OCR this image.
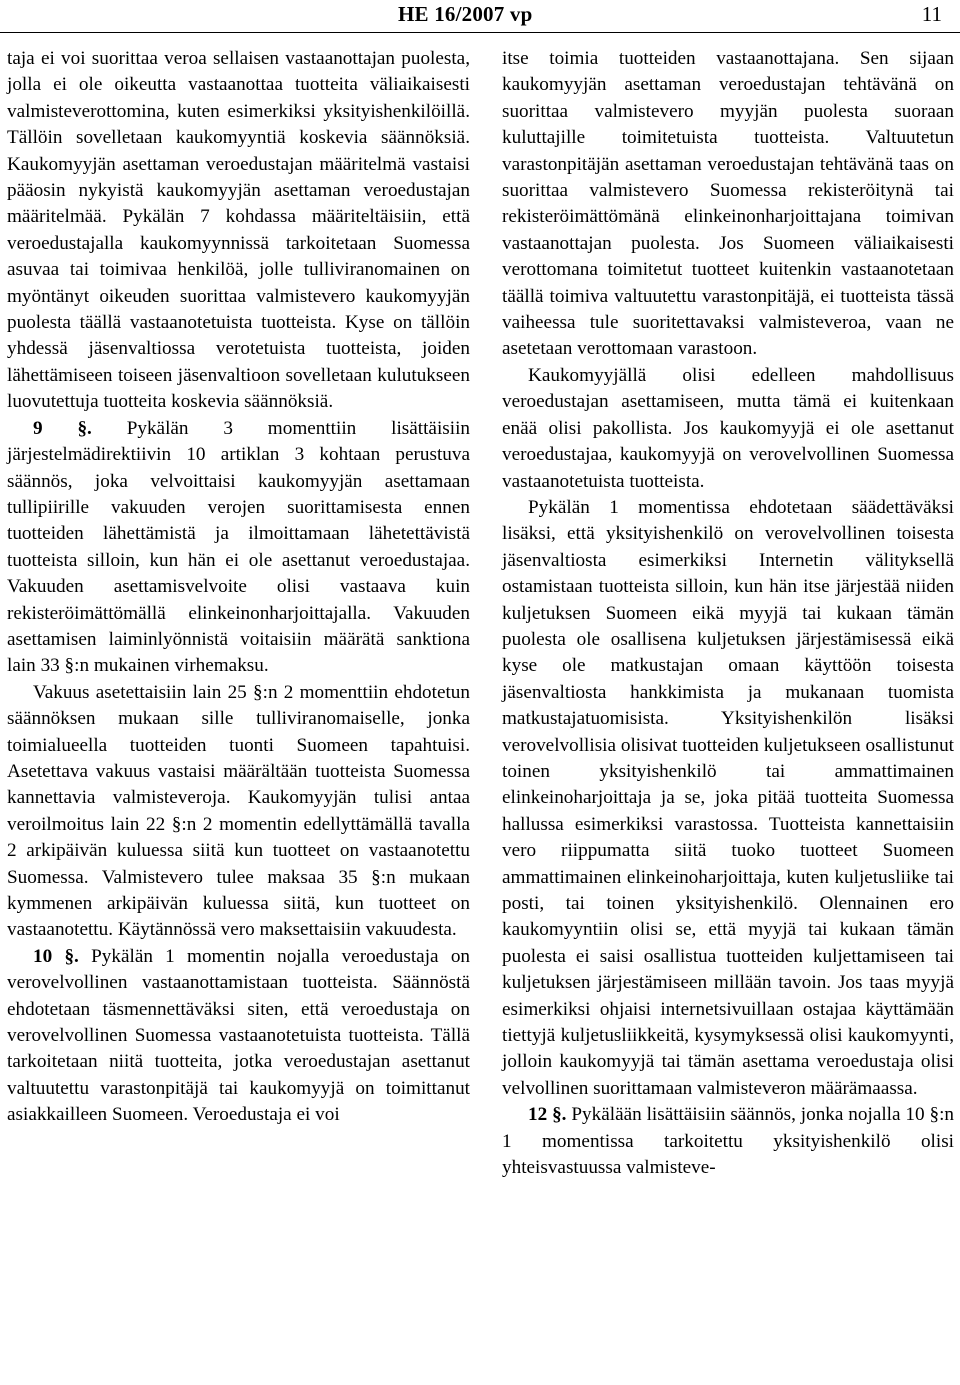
HE 16/2007 vp	11

taja ei voi suorittaa veroa sellaisen vastaanottajan puolesta, jolla ei ole oikeutta vastaanottaa tuotteita väliaikaisesti valmisteverottomina, kuten esimerkiksi yksityishenkilöillä. Tällöin sovelletaan kaukomyyntiä koskevia säännöksiä. Kaukomyyjän asettaman veroedustajan määritelmä vastaisi pääosin nykyistä kaukomyyjän asettaman veroedustajan määritelmää. Pykälän 7 kohdassa määriteltäisiin, että veroedustajalla kaukomyynnissä tarkoitetaan Suomessa asuvaa tai toimivaa henkilöä, jolle tulliviranomainen on myöntänyt oikeuden suorittaa valmistevero kaukomyyjän puolesta täällä vastaanotetuista tuotteista. Kyse on tällöin yhdessä jäsenvaltiossa verotetuista tuotteista, joiden lähettämiseen toiseen jäsenvaltioon sovelletaan kulutukseen luovutettuja tuotteita koskevia säännöksiä.

9 §. Pykälän 3 momenttiin lisättäisiin järjestelmädirektiivin 10 artiklan 3 kohtaan perustuva säännös, joka velvoittaisi kaukomyyjän asettamaan tullipiirille vakuuden verojen suorittamisesta ennen tuotteiden lähettämistä ja ilmoittamaan lähetettävistä tuotteista silloin, kun hän ei ole asettanut veroedustajaa. Vakuuden asettamisvelvoite olisi vastaava kuin rekisteröimättömällä elinkeinonharjoittajalla. Vakuuden asettamisen laiminlyönnistä voitaisiin määrätä sanktiona lain 33 §:n mukainen virhemaksu.

Vakuus asetettaisiin lain 25 §:n 2 momenttiin ehdotetun säännöksen mukaan sille tulliviranomaiselle, jonka toimialueella tuotteiden tuonti Suomeen tapahtuisi. Asetettava vakuus vastaisi määrältään tuotteista Suomessa kannettavia valmisteveroja. Kaukomyyjän tulisi antaa veroilmoitus lain 22 §:n 2 momentin edellyttämällä tavalla 2 arkipäivän kuluessa siitä kun tuotteet on vastaanotettu Suomessa. Valmistevero tulee maksaa 35 §:n mukaan kymmenen arkipäivän kuluessa siitä, kun tuotteet on vastaanotettu. Käytännössä vero maksettaisiin vakuudesta.

10 §. Pykälän 1 momentin nojalla veroedustaja on verovelvollinen vastaanottamistaan tuotteista. Säännöstä ehdotetaan täsmennettäväksi siten, että veroedustaja on verovelvollinen Suomessa vastaanotetuista tuotteista. Tällä tarkoitetaan niitä tuotteita, jotka veroedustajan asettanut valtuutettu varastonpitäjä tai kaukomyyjä on toimittanut asiakkailleen Suomeen. Veroedustaja ei voi

itse toimia tuotteiden vastaanottajana. Sen sijaan kaukomyyjän asettaman veroedustajan tehtävänä on suorittaa valmistevero myyjän puolesta suoraan kuluttajille toimitetuista tuotteista. Valtuutetun varastonpitäjän asettaman veroedustajan tehtävänä taas on suorittaa valmistevero Suomessa rekisteröitynä tai rekisteröimättömänä elinkeinonharjoittajana toimivan vastaanottajan puolesta. Jos Suomeen väliaikaisesti verottomana toimitetut tuotteet kuitenkin vastaanotetaan täällä toimiva valtuutettu varastonpitäjä, ei tuotteista tässä vaiheessa tule suoritettavaksi valmisteveroa, vaan ne asetetaan verottomaan varastoon.

Kaukomyyjällä olisi edelleen mahdollisuus veroedustajan asettamiseen, mutta tämä ei kuitenkaan enää olisi pakollista. Jos kaukomyyjä ei ole asettanut veroedustajaa, kaukomyyjä on verovelvollinen Suomessa vastaanotetuista tuotteista.

Pykälän 1 momentissa ehdotetaan säädettäväksi lisäksi, että yksityishenkilö on verovelvollinen toisesta jäsenvaltiosta esimerkiksi Internetin välityksellä ostamistaan tuotteista silloin, kun hän itse järjestää niiden kuljetuksen Suomeen eikä myyjä tai kukaan tämän puolesta ole osallisena kuljetuksen järjestämisessä eikä kyse ole matkustajan omaan käyttöön toisesta jäsenvaltiosta hankkimista ja mukanaan tuomista matkustajatuomisista. Yksityishenkilön lisäksi verovelvollisia olisivat tuotteiden kuljetukseen osallistunut toinen yksityishenkilö tai ammattimainen elinkeinoharjoittaja ja se, joka pitää tuotteita Suomessa hallussa esimerkiksi varastossa. Tuotteista kannettaisiin vero riippumatta siitä tuoko tuotteet Suomeen ammattimainen elinkeinoharjoittaja, kuten kuljetusliike tai posti, tai toinen yksityishenkilö. Olennainen ero kaukomyyntiin olisi se, että myyjä tai kukaan tämän puolesta ei saisi osallistua tuotteiden kuljettamiseen tai kuljetuksen järjestämiseen millään tavoin. Jos taas myyjä esimerkiksi ohjaisi internetsivuillaan ostajaa käyttämään tiettyjä kuljetusliikkeitä, kysymyksessä olisi kaukomyynti, jolloin kaukomyyjä tai tämän asettama veroedustaja olisi velvollinen suorittamaan valmisteveron määrämaassa.

12 §. Pykälään lisättäisiin säännös, jonka nojalla 10 §:n 1 momentissa tarkoitettu yksityishenkilö olisi yhteisvastuussa valmisteve-
